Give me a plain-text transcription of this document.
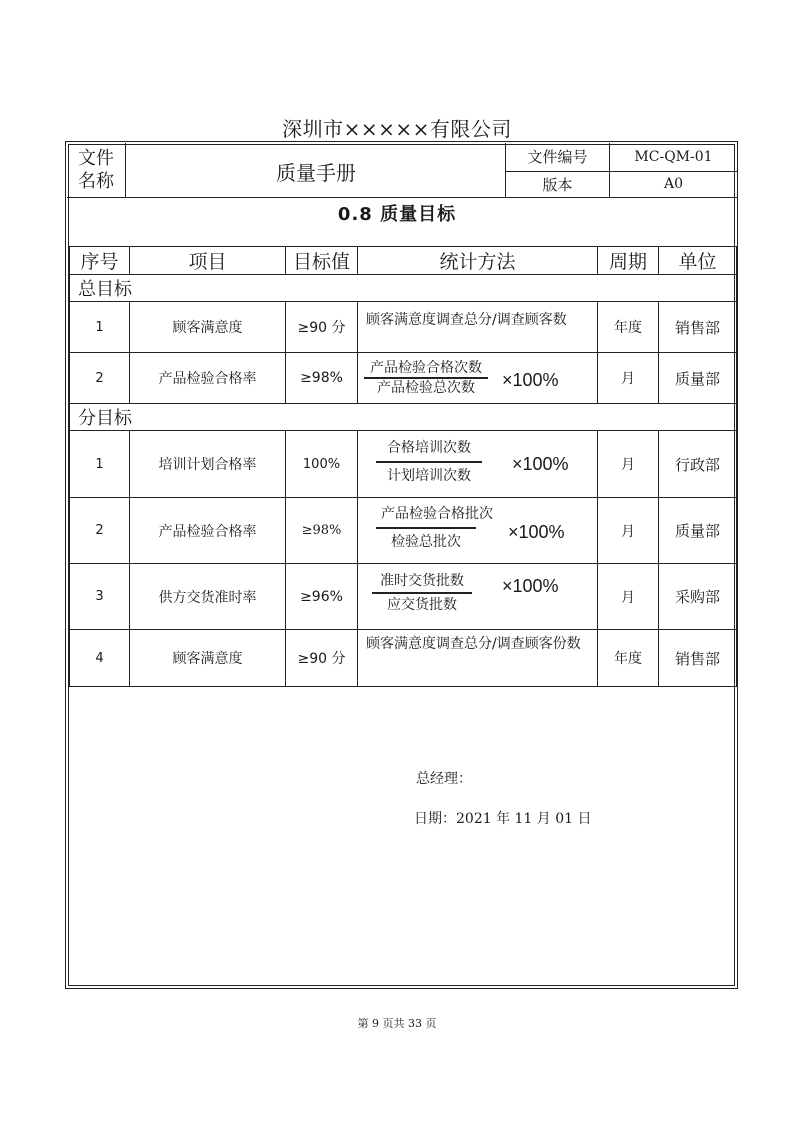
深圳市×××××有限公司
文件名称	质量手册
文件编号	MC-QM-01
版本	A0
0.8 质量目标
序号	项目	目标值	统计方法	周期	单位
总目标					
1	顾客满意度	≥90 分	顾客满意度调查总分/调查顾客数	年度	销售部
2	产品检验合格率	≥98%	产品检验合格次数
产品检验总次数 ×100%	月	质量部
分目标					
1	培训计划合格率	100%	合格培训次数
计划培训次数
×100%	月	行政部
2	产品检验合格率	≥98%	产品检验合格批次
检验总批次 ×100%	月	质量部
3	供方交货准时率	≥96%	准时交货批数
应交货批数
×100%	月	采购部
4	顾客满意度	≥90 分	顾客满意度调查总分/调查顾客份数	年度	销售部
总经理：
日期：2021 年 11 月 01 日
第 9 页共 33 页
